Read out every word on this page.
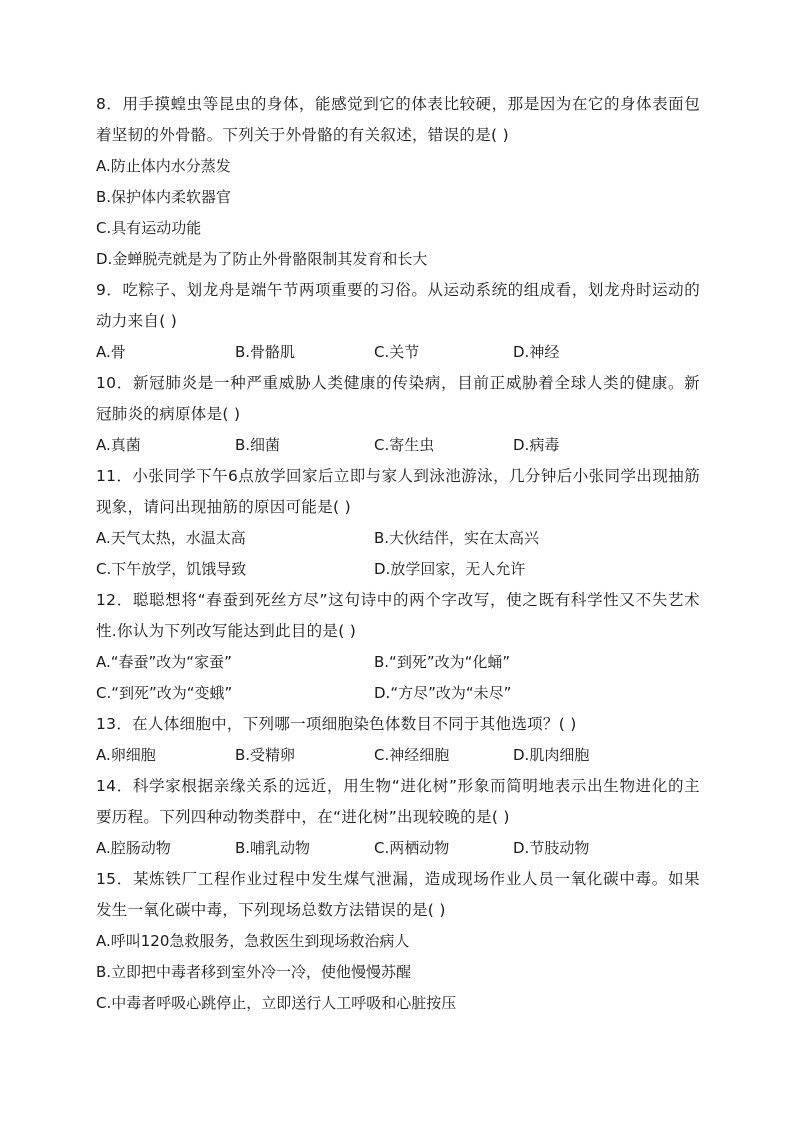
8．用手摸蝗虫等昆虫的身体，能感觉到它的体表比较硬，那是因为在它的身体表面包着坚韧的外骨骼。下列关于外骨骼的有关叙述，错误的是( )

A.防止体内水分蒸发

B.保护体内柔软器官

C.具有运动功能

D.金蝉脱壳就是为了防止外骨骼限制其发育和长大

9．吃粽子、划龙舟是端午节两项重要的习俗。从运动系统的组成看，划龙舟时运动的动力来自( )

A.骨	B.骨骼肌	C.关节	D.神经

10．新冠肺炎是一种严重威胁人类健康的传染病，目前正威胁着全球人类的健康。新冠肺炎的病原体是( )

A.真菌	B.细菌	C.寄生虫	D.病毒

11．小张同学下午6点放学回家后立即与家人到泳池游泳，几分钟后小张同学出现抽筋现象，请问出现抽筋的原因可能是( )

A.天气太热，水温太高	B.大伙结伴，实在太高兴
C.下午放学，饥饿导致	D.放学回家，无人允许

12．聪聪想将“春蚕到死丝方尽”这句诗中的两个字改写，使之既有科学性又不失艺术性.你认为下列改写能达到此目的是( )

A.“春蚕”改为“家蚕”	B.“到死”改为“化蛹”
C.“到死”改为“变蛾”	D.“方尽”改为“未尽”

13．在人体细胞中，下列哪一项细胞染色体数目不同于其他选项？( )

A.卵细胞	B.受精卵	C.神经细胞	D.肌肉细胞

14．科学家根据亲缘关系的远近，用生物“进化树”形象而简明地表示出生物进化的主要历程。下列四种动物类群中，在“进化树”出现较晚的是( )

A.腔肠动物	B.哺乳动物	C.两栖动物	D.节肢动物

15．某炼铁厂工程作业过程中发生煤气泄漏，造成现场作业人员一氧化碳中毒。如果发生一氧化碳中毒，下列现场总数方法错误的是( )

A.呼叫120急救服务，急救医生到现场救治病人

B.立即把中毒者移到室外冷一冷，使他慢慢苏醒

C.中毒者呼吸心跳停止，立即送行人工呼吸和心脏按压
